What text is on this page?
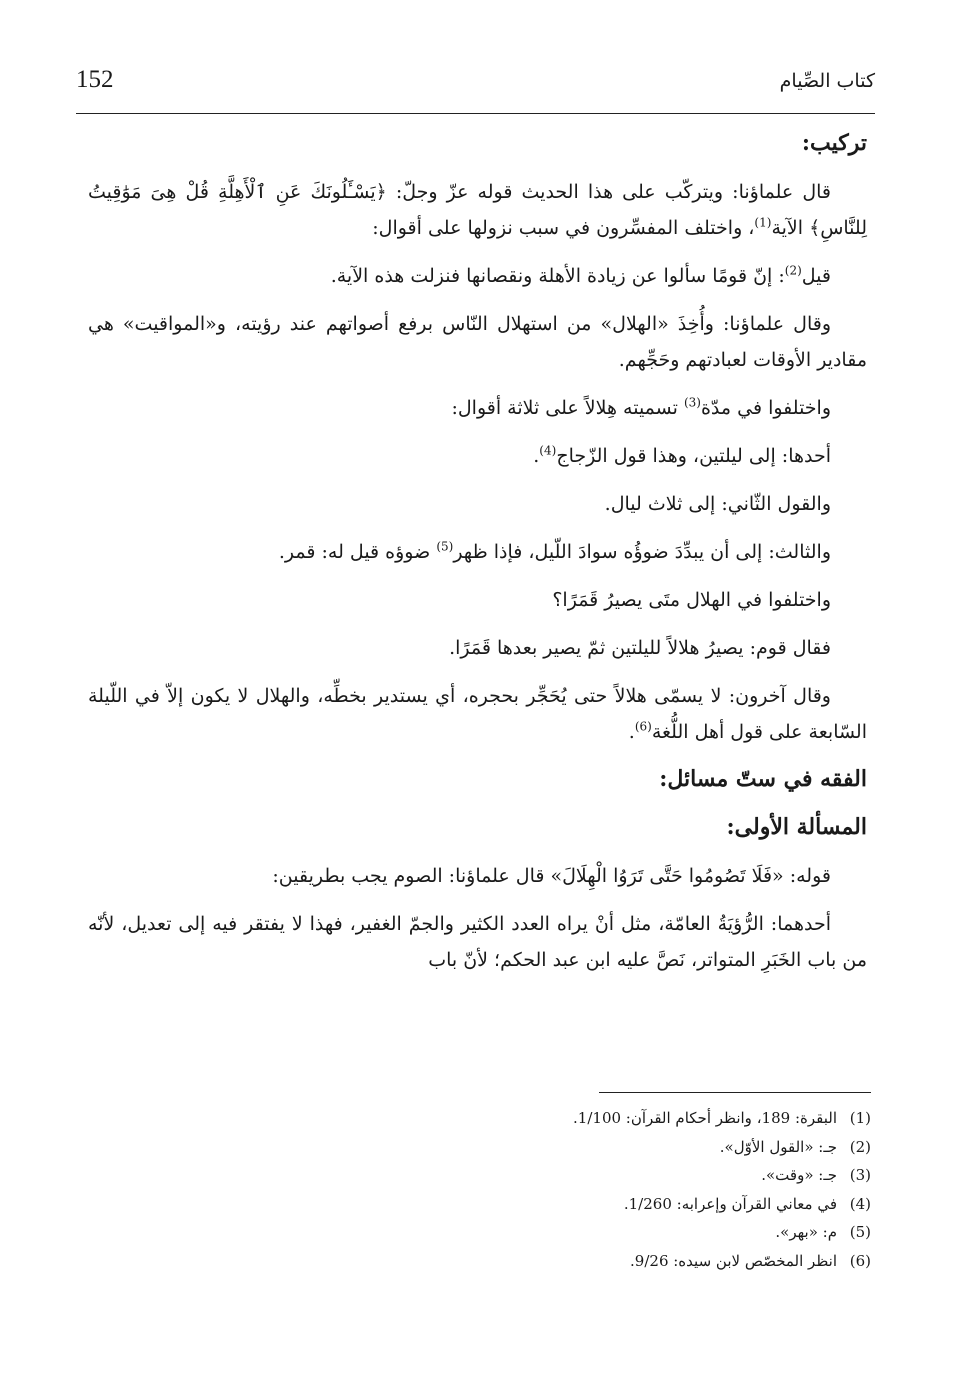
152	كتاب الصِّيام
تركيب:

قال علماؤنا: ويتركّب على هذا الحديث قوله عزّ وجلّ: ﴿يَسْـَٔلُونَكَ عَنِ ٱلْأَهِلَّةِ قُلْ هِىَ مَوَٰقِيتُ لِلنَّاسِ﴾ الآية$^{(1)}$، واختلف المفسِّرون في سبب نزولها على أقوال:

قيل$^{(2)}$: إنّ قومًا سألوا عن زيادة الأهلة ونقصانها فنزلت هذه الآية.

وقال علماؤنا: وأُخِذَ «الهلال» من استهلال النّاس برفع أصواتهم عند رؤيته، و«المواقيت» هي مقادير الأوقات لعبادتهم وحَجِّهم.

واختلفوا في مدّة$^{(3)}$ تسميته هِلالاً على ثلاثة أقوال:

أحدها: إلى ليلتين، وهذا قول الزّجاج$^{(4)}$.

والقول الثّاني: إلى ثلاث ليال.

والثالث: إلى أن يبدِّدَ ضوؤُه سوادَ اللّيل، فإذا ظهر$^{(5)}$ ضوؤه قيل له: قمر.

واختلفوا في الهلال متَى يصيرُ قَمَرًا؟

فقال قوم: يصيرُ هلالاً لليلتين ثمّ يصير بعدها قَمَرًا.

وقال آخرون: لا يسمّى هلالاً حتى يُحَجِّر بحجره، أي يستدير بخطِّه، والهلال لا يكون إلاّ في اللّيلة السّابعة على قول أهل اللُّغة$^{(6)}$.

الفقه في ستّ مسائل:
المسألة الأولى:

قوله: «فَلَا تَصُومُوا حَتَّى تَرَوُا الْهِلَالَ» قال علماؤنا: الصوم يجب بطريقين:

أحدهما: الرُّؤيَةُ العامّة، مثل أنْ يراه العدد الكثير والجمّ الغفير، فهذا لا يفتقر فيه إلى تعديل، لأنّه من باب الخَبَرِ المتواتر، نَصَّ عليه ابن عبد الحكم؛ لأنّ باب

(1)البقرة: 189، وانظر أحكام القرآن: 1/100.
(2)جـ: «القول الأوّل».
(3)جـ: «وقت».
(4)في معاني القرآن وإعرابه: 1/260.
(5)م: «بهر».
(6)انظر المخصّص لابن سيده: 9/26.
